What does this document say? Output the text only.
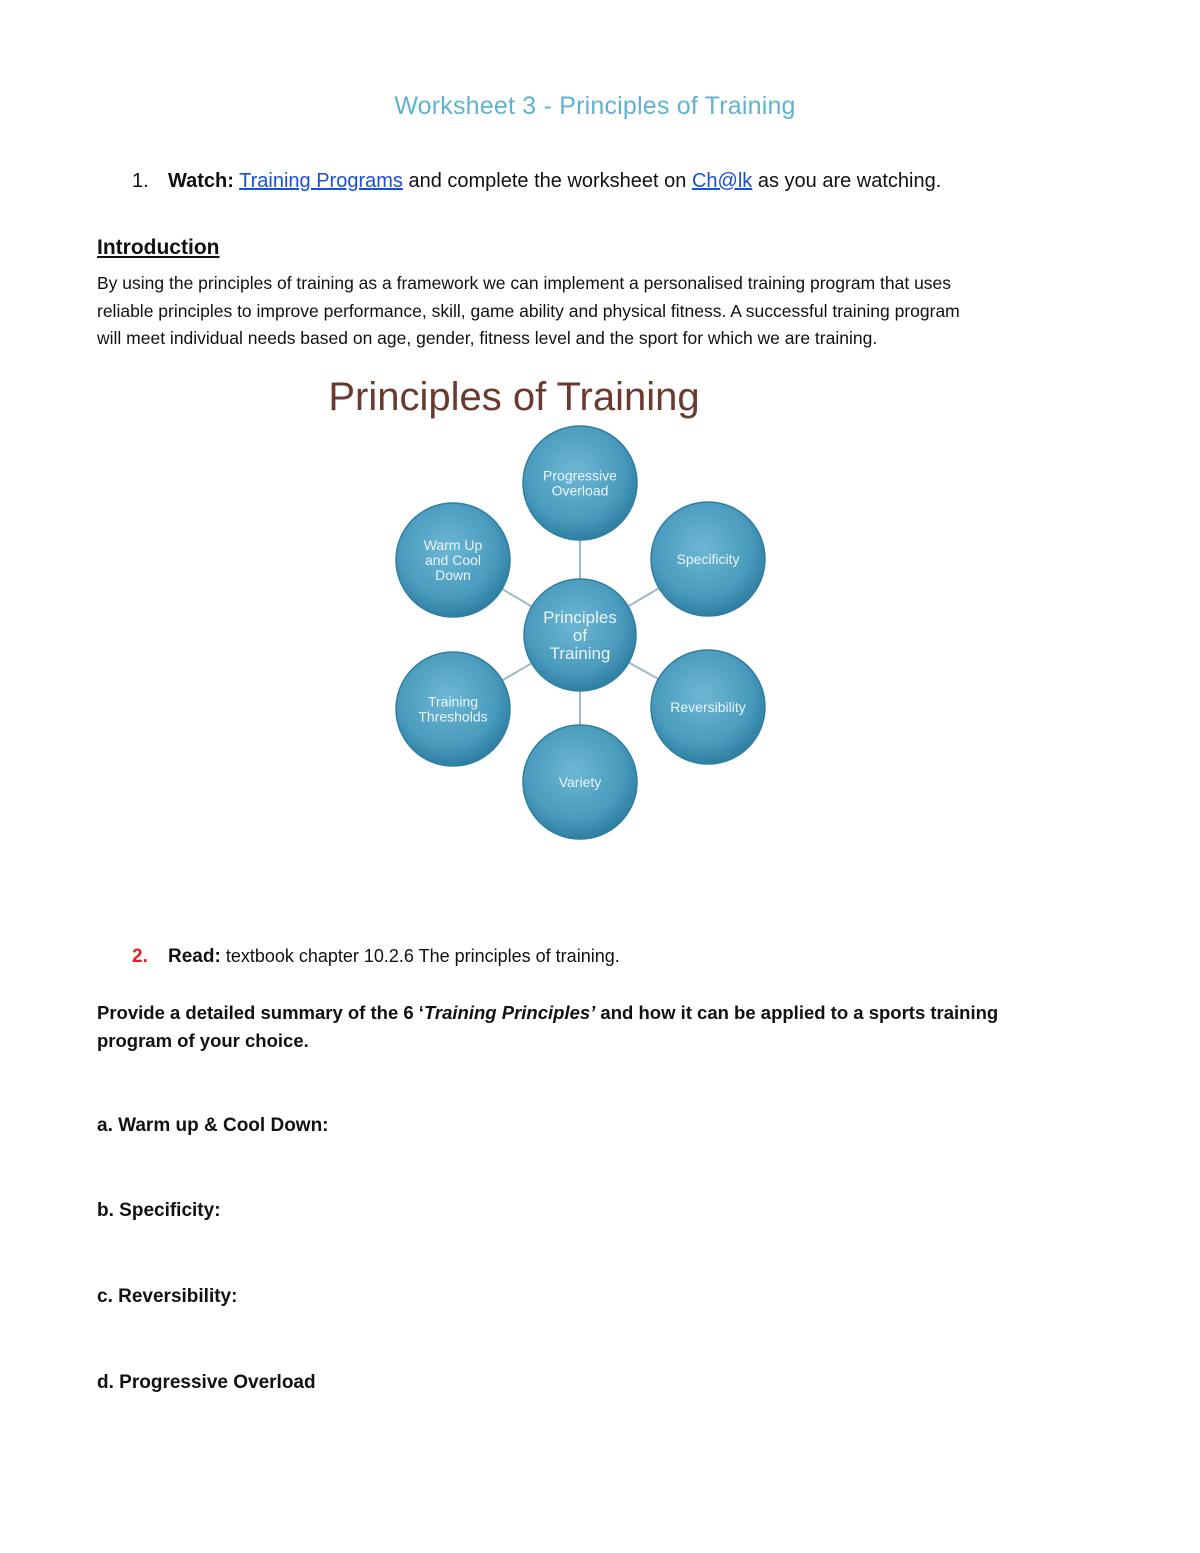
Worksheet 3 - Principles of Training
1. Watch: Training Programs and complete the worksheet on Ch@lk as you are watching.
Introduction
By using the principles of training as a framework we can implement a personalised training program that uses
reliable principles to improve performance, skill, game ability and physical fitness. A successful training program
will meet individual needs based on age, gender, fitness level and the sport for which we are training.
Principles of Training
Progressive
Overload
Specificity
Reversibility
Variety
Training
Thresholds
Warm Up
and Cool
Down
Principles
of
Training
2. Read: textbook chapter 10.2.6 The principles of training.
Provide a detailed summary of the 6 ‘Training Principles’ and how it can be applied to a sports training
program of your choice.
a. Warm up & Cool Down:
b. Specificity:
c. Reversibility:
d. Progressive Overload
